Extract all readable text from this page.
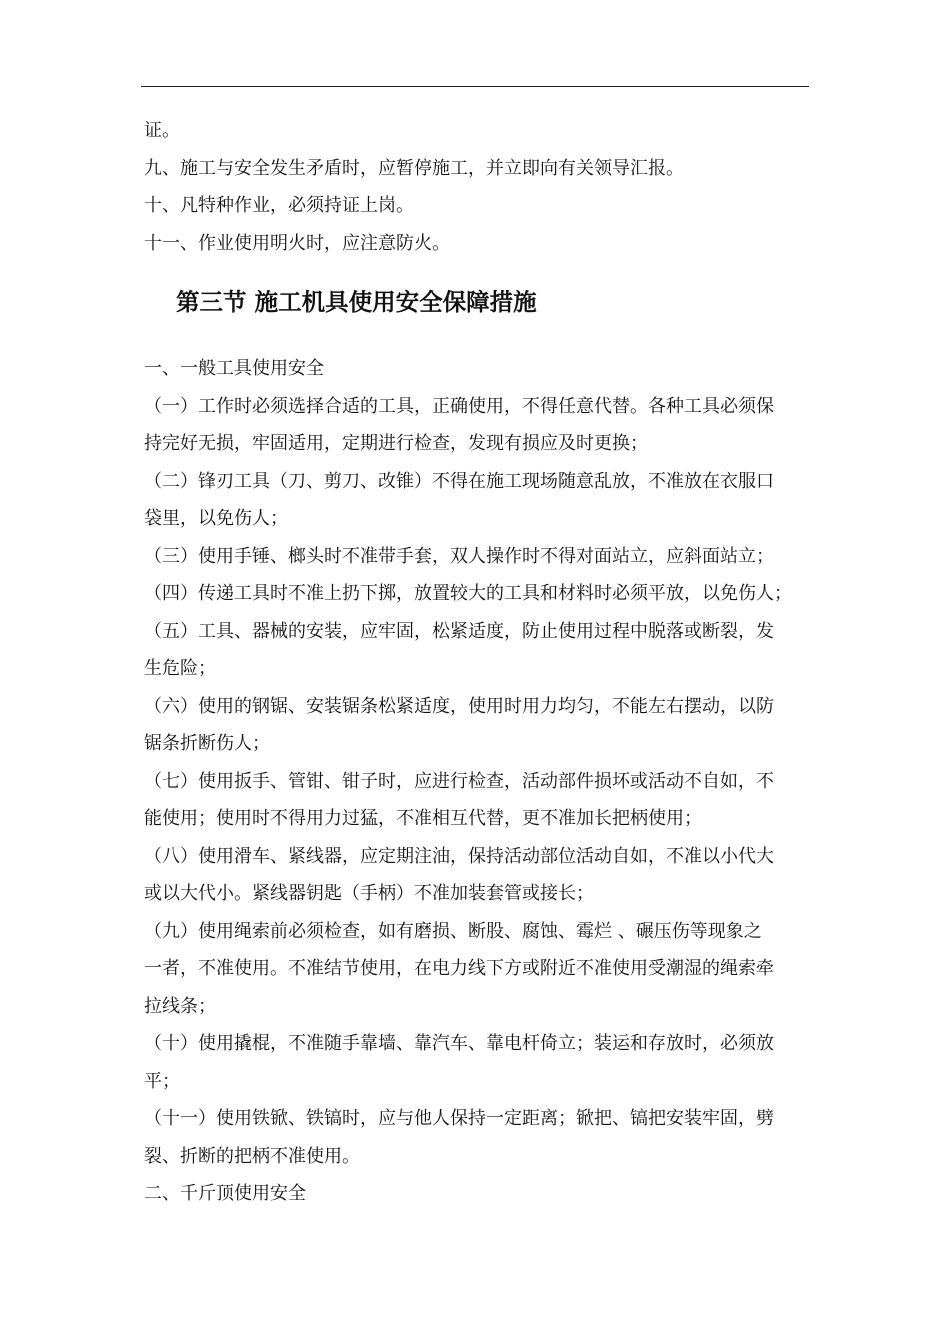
证。

九、施工与安全发生矛盾时，应暂停施工，并立即向有关领导汇报。

十、凡特种作业，必须持证上岗。

十一、作业使用明火时，应注意防火。

第三节 施工机具使用安全保障措施

一、一般工具使用安全

（一）工作时必须选择合适的工具，正确使用，不得任意代替。各种工具必须保

持完好无损，牢固适用，定期进行检查，发现有损应及时更换；

（二）锋刃工具（刀、剪刀、改锥）不得在施工现场随意乱放，不准放在衣服口

袋里，以免伤人；

（三）使用手锤、榔头时不准带手套，双人操作时不得对面站立，应斜面站立；

（四）传递工具时不准上扔下掷，放置较大的工具和材料时必须平放，以免伤人；

（五）工具、器械的安装，应牢固，松紧适度，防止使用过程中脱落或断裂，发

生危险；

（六）使用的钢锯、安装锯条松紧适度，使用时用力均匀，不能左右摆动，以防

锯条折断伤人；

（七）使用扳手、管钳、钳子时，应进行检查，活动部件损坏或活动不自如，不

能使用；使用时不得用力过猛，不准相互代替，更不准加长把柄使用；

（八）使用滑车、紧线器，应定期注油，保持活动部位活动自如，不准以小代大

或以大代小。紧线器钥匙（手柄）不准加装套管或接长；

（九）使用绳索前必须检查，如有磨损、断股、腐蚀、霉烂 、碾压伤等现象之

一者，不准使用。不准结节使用，在电力线下方或附近不准使用受潮湿的绳索牵

拉线条；

（十）使用撬棍，不准随手靠墙、靠汽车、靠电杆倚立；装运和存放时，必须放

平；

（十一）使用铁锨、铁镐时，应与他人保持一定距离；锨把、镐把安装牢固，劈

裂、折断的把柄不准使用。

二、千斤顶使用安全
